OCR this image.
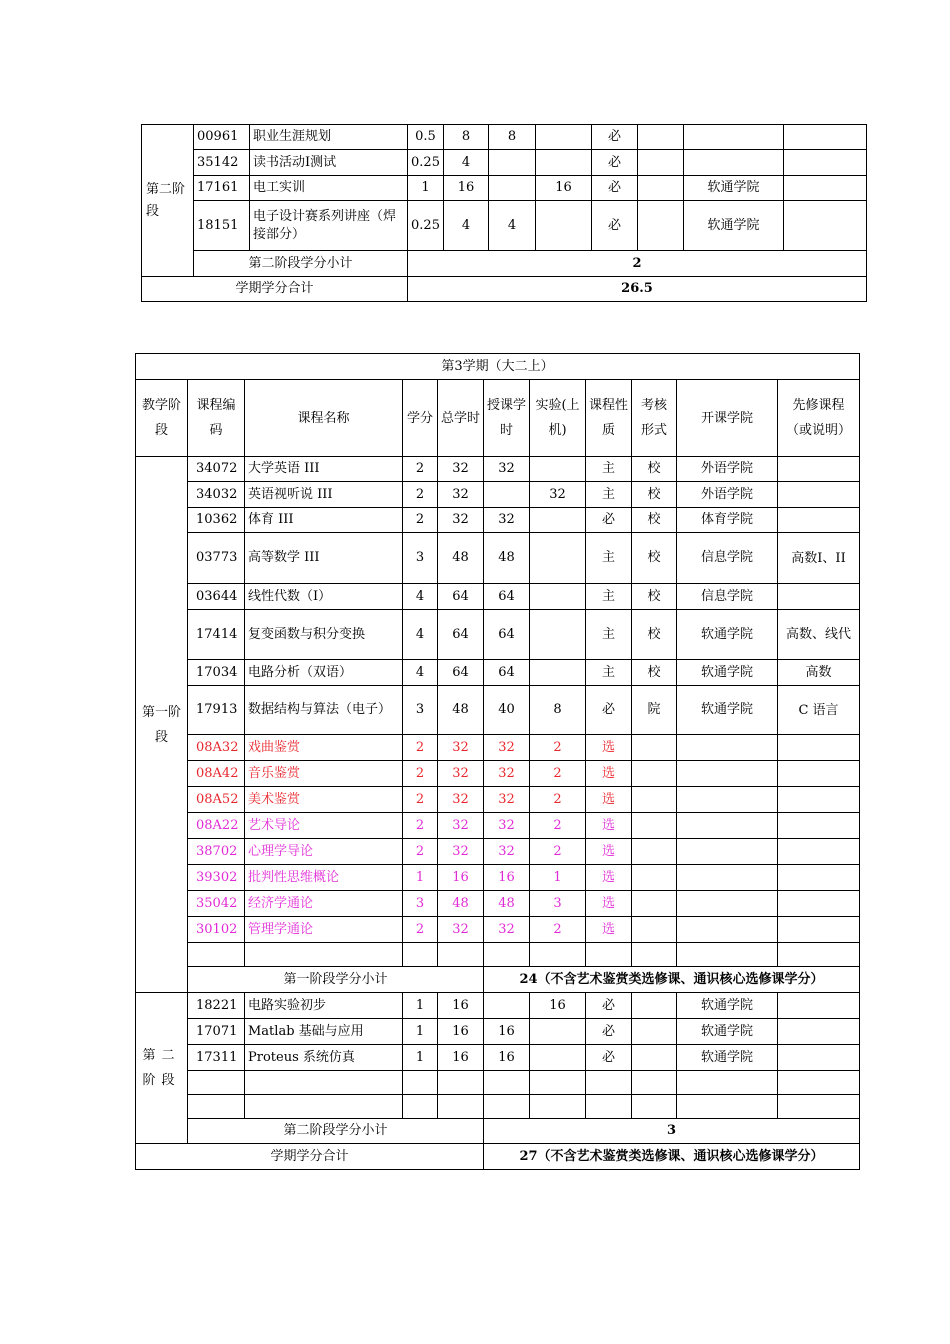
第二阶段	00961	职业生涯规划	0.5	8	8		必			
	35142	读书活动Ⅰ测试	0.25	4			必			
	17161	电工实训	1	16		16	必		软通学院	
	18151	电子设计赛系列讲座（焊接部分）	0.25	4	4		必		软通学院	
	第二阶段学分小计		2							
学期学分合计			26.5							
第3学期（大二上）										
教学阶段	课程编码	课程名称	学分	总学时	授课学时	实验(上机)	课程性质	考核形式	开课学院	先修课程（或说明）
第一阶段	34072	大学英语 III	2	32	32		主	校	外语学院	
	34032	英语视听说 III	2	32		32	主	校	外语学院	
	10362	体育 III	2	32	32		必	校	体育学院	
	03773	高等数学 III	3	48	48		主	校	信息学院	高数Ⅰ、II
	03644	线性代数（I）	4	64	64		主	校	信息学院	
	17414	复变函数与积分变换	4	64	64		主	校	软通学院	高数、线代
	17034	电路分析（双语）	4	64	64		主	校	软通学院	高数
	17913	数据结构与算法（电子）	3	48	40	8	必	院	软通学院	C 语言
	08A32	戏曲鉴赏	2	32	32	2	选			
	08A42	音乐鉴赏	2	32	32	2	选			
	08A52	美术鉴赏	2	32	32	2	选			
	08A22	艺术导论	2	32	32	2	选			
	38702	心理学导论	2	32	32	2	选			
	39302	批判性思维概论	1	16	16	1	选			
	35042	经济学通论	3	48	48	3	选			
	30102	管理学通论	2	32	32	2	选			

	第一阶段学分小计				24（不含艺术鉴赏类选修课、通识核心选修课学分）					
第二阶段	18221	电路实验初步	1	16		16	必		软通学院	
	17071	Matlab 基础与应用	1	16	16		必		软通学院	
	17311	Proteus 系统仿真	1	16	16		必		软通学院	

	第二阶段学分小计				3					
学期学分合计					27（不含艺术鉴赏类选修课、通识核心选修课学分）					
